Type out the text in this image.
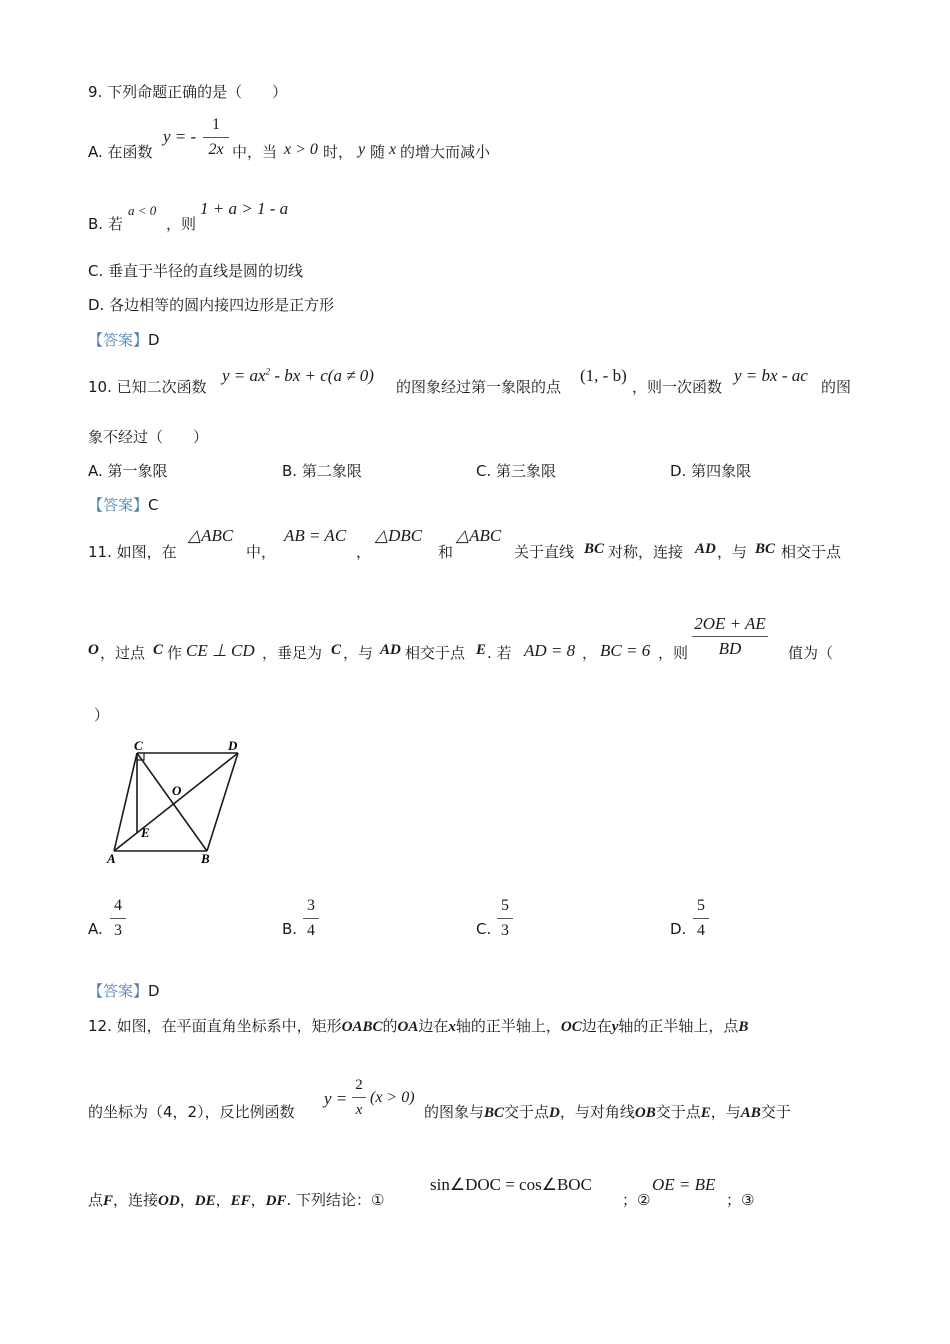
9. 下列命题正确的是（　　）
A. 在函数
y = -
1
2x 中，当 x > 0 时， y 随 x 的增大而减小
B. 若
a < 0
，则
1 + a > 1 - a
C. 垂直于半径的直线是圆的切线
D. 各边相等的圆内接四边形是正方形
【答案】D
10. 已知二次函数
$y = ax^2$ - bx + c(a ≠ 0)
的图象经过第一象限的点
(1, - b)
，则一次函数
y = bx - ac
的图
象不经过（　　）
A. 第一象限	B. 第二象限	C. 第三象限	D. 第四象限
【答案】C
11. 如图，在
△ABC
中，
AB = AC
，
△DBC
和
△ABC
关于直线 BC 对称，连接 AD ，与 BC 相交于点
O ，过点 C 作 CE ⊥ CD ，垂足为 C ，与 AD 相交于点 E . 若 AD = 8 ， BC = 6 ，则
2OE + AE
BD	值为（
）
C	D
O
E
A	B
A.
4
3	B.
3
4	C.
5
3	D.
5
4
【答案】D
12. 如图，在平面直角坐标系中，矩形OABC的OA边在x轴的正半轴上，OC边在y轴的正半轴上，点B
的坐标为（4，2），反比例函数
y =
2
x
(x > 0)
的图象与BC交于点D，与对角线OB交于点E，与AB交于
点F，连接OD，DE，EF，DF. 下列结论：①
sin∠DOC = cos∠BOC
；②
OE = BE
；③
